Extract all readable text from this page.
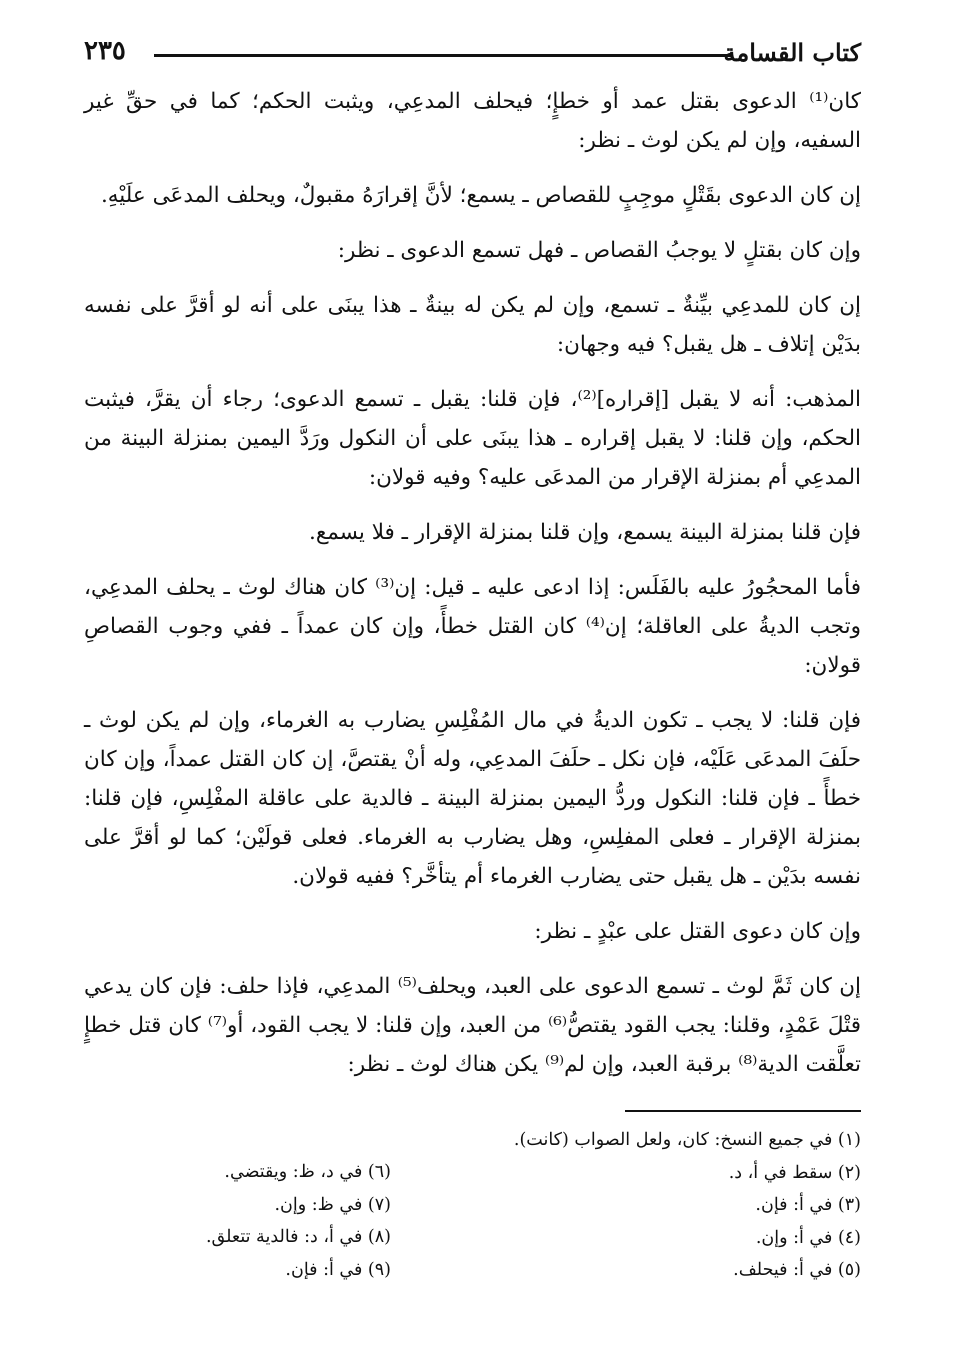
كتاب القسامة
٢٣٥

كان⁽¹⁾ الدعوى بقتل عمد أو خطإٍ؛ فيحلف المدعِي، ويثبت الحكم؛ كما في حقِّ غير السفيه، وإن لم يكن لوث ـ نظر:

إن كان الدعوى بقَتْلٍ موجِبٍ للقصاص ـ يسمع؛ لأنَّ إقرارَهُ مقبولٌ، ويحلف المدعَى علَيْهِ.

وإن كان بقتلٍ لا يوجبُ القصاص ـ فهل تسمع الدعوى ـ نظر:

إن كان للمدعِي بيِّنةٌ ـ تسمع، وإن لم يكن له بينةٌ ـ هذا يبنَى على أنه لو أقرَّ على نفسه بدَيْن إتلاف ـ هل يقبل؟ فيه وجهان:

المذهب: أنه لا يقبل [إقراره]⁽²⁾، فإن قلنا: يقبل ـ تسمع الدعوى؛ رجاء أن يقرَّ، فيثبت الحكم، وإن قلنا: لا يقبل إقراره ـ هذا يبنَى على أن النكول ورَدَّ اليمين بمنزلة البينة من المدعِي أم بمنزلة الإقرار من المدعَى عليه؟ وفيه قولان:

فإن قلنا بمنزلة البينة يسمع، وإن قلنا بمنزلة الإقرار ـ فلا يسمع.

فأما المحجُورُ عليه بالفَلَس: إذا ادعى عليه ـ قيل: إن⁽³⁾ كان هناك لوث ـ يحلف المدعِي، وتجب الديةُ على العاقلة؛ إن⁽⁴⁾ كان القتل خطأً، وإن كان عمداً ـ ففي وجوب القصاصِ قولان:

فإن قلنا: لا يجب ـ تكون الديةُ في مال المُفْلِسِ يضارب به الغرماء، وإن لم يكن لوث ـ حلَفَ المدعَى عَلَيْه، فإن نكل ـ حلَفَ المدعِي، وله أنْ يقتصَّ، إن كان القتل عمداً، وإن كان خطأً ـ فإن قلنا: النكول وردُّ اليمين بمنزلة البينة ـ فالدية على عاقلة المفْلِسِ، فإن قلنا: بمنزلة الإقرار ـ فعلى المفلِسِ، وهل يضارب به الغرماء. فعلى قولَيْن؛ كما لو أقرَّ على نفسه بدَيْن ـ هل يقبل حتى يضارب الغرماء أم يتأخَّر؟ ففيه قولان.

وإن كان دعوى القتل على عبْدٍ ـ نظر:

إن كان ثَمَّ لوث ـ تسمع الدعوى على العبد، ويحلف⁽⁵⁾ المدعِي، فإذا حلف: فإن كان يدعي قتْلَ عَمْدٍ، وقلنا: يجب القود يقتصُّ⁽⁶⁾ من العبد، وإن قلنا: لا يجب القود، أو⁽⁷⁾ كان قتل خطإٍ تعلَّقت الدية⁽⁸⁾ برقبة العبد، وإن لم⁽⁹⁾ يكن هناك لوث ـ نظر:

(١) في جميع النسخ: كان، ولعل الصواب (كانت).
(٢) سقط في أ، د.
(٣) في أ: فإن.
(٤) في أ: وإن.
(٥) في أ: فيحلف.
(٦) في د، ظ: ويقتضي.
(٧) في ظ: وإن.
(٨) في أ، د: فالدية تتعلق.
(٩) في أ: فإن.
